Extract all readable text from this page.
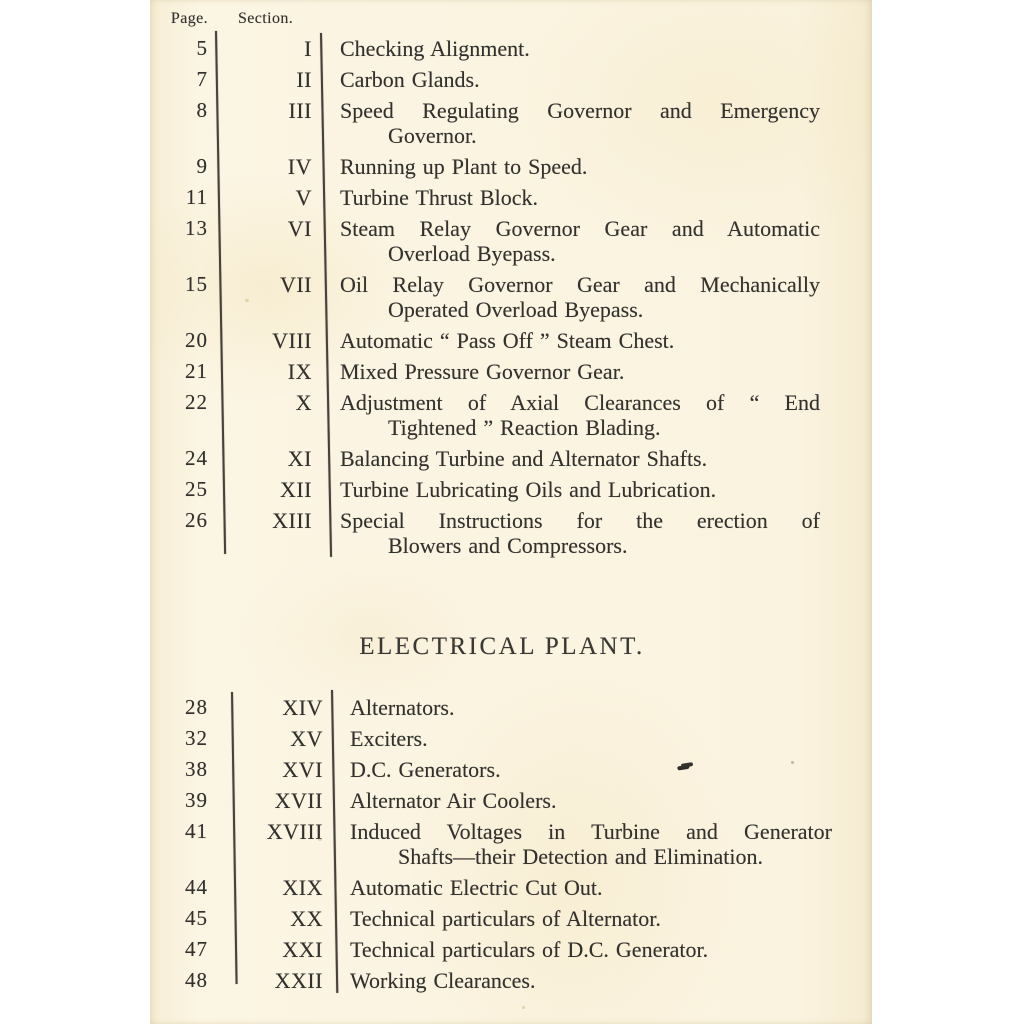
Page. Section.
5	I Checking Alignment.
7	II Carbon Glands.
8	III Speed Regulating Governor and Emergency
Governor.
9	IV Running up Plant to Speed.
11	V Turbine Thrust Block.
13	VI Steam Relay Governor Gear and Automatic
Overload Byepass.
15	VII Oil Relay Governor Gear and Mechanically
Operated Overload Byepass.
20	VIII Automatic “ Pass Off ” Steam Chest.
21	IX Mixed Pressure Governor Gear.
22	X Adjustment of Axial Clearances of “ End
Tightened ” Reaction Blading.
24	XI Balancing Turbine and Alternator Shafts.
25	XII Turbine Lubricating Oils and Lubrication.
26	XIII Special Instructions for the erection of
Blowers and Compressors.
ELECTRICAL PLANT.
28	XIV Alternators.
32	XV Exciters.
38	XVI D.C. Generators.
39	XVII Alternator Air Coolers.
41	XVIII Induced Voltages in Turbine and Generator
Shafts—their Detection and Elimination.
44	XIX Automatic Electric Cut Out.
45	XX Technical particulars of Alternator.
47	XXI Technical particulars of D.C. Generator.
48	XXII Working Clearances.
